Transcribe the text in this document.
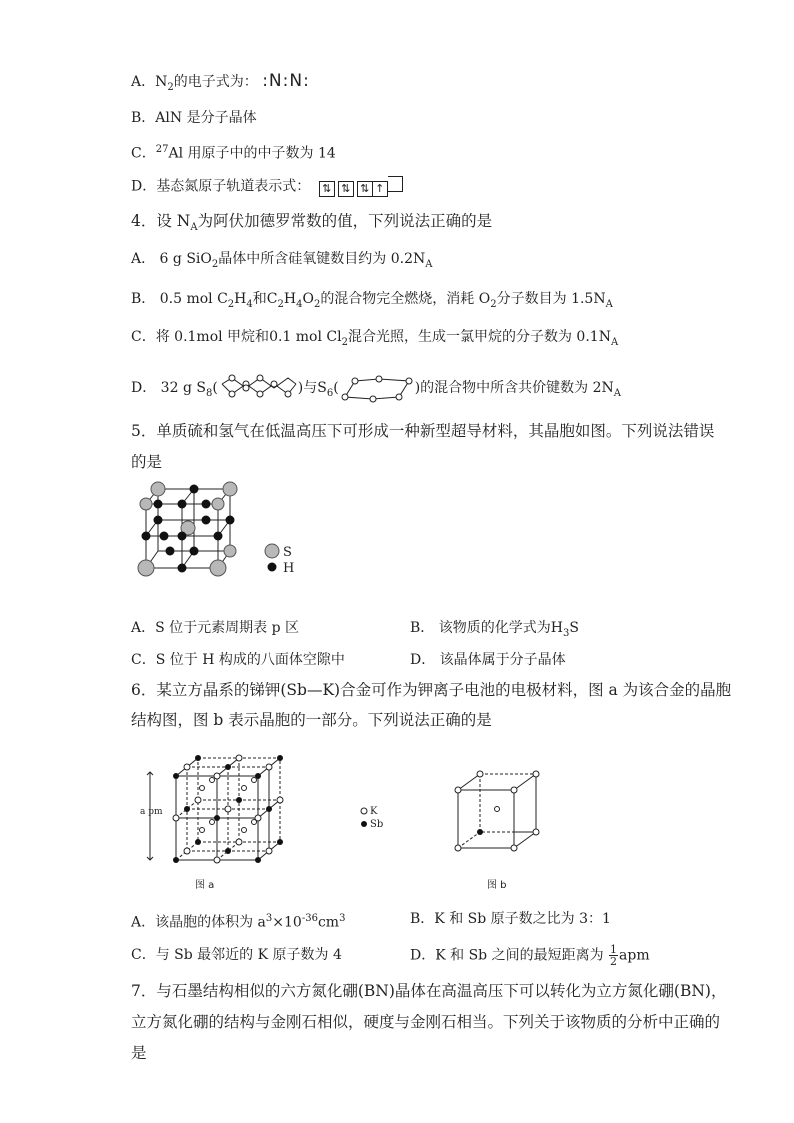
A．$N_2$的电子式为： :N:N:
B．AlN 是分子晶体
C．$^{27}$Al 用原子中的中子数为 14
D．基态氮原子轨道表示式： ⇅ ⇅ ⇅ ↑
4．设 $N_A$为阿伏加德罗常数的值，下列说法正确的是
A． 6 g SiO$_2$晶体中所含硅氧键数目约为 $0.2N_A$
B． 0.5 mol $C_2H_4$和$C_2H_4O_2$的混合物完全燃烧，消耗 $O_2$分子数目为 $1.5N_A$
C．将 0.1mol 甲烷和0.1 mol $Cl_2$混合光照，生成一氯甲烷的分子数为 $0.1N_A$
D． 32 g $S_8$(	)与$S_6$(	)的混合物中所含共价键数为 $2N_A$
5．单质硫和氢气在低温高压下可形成一种新型超导材料，其晶胞如图。下列说法错误
的是
S
H
A．S 位于元素周期表 p 区	B． 该物质的化学式为$H_3S$
C．S 位于 H 构成的八面体空隙中	D． 该晶体属于分子晶体
6．某立方晶系的锑钾(Sb—K)合金可作为钾离子电池的电极材料，图 a 为该合金的晶胞
结构图，图 b 表示晶胞的一部分。下列说法正确的是
a pm
图 a
K
Sb
图 b
A．该晶胞的体积为 $a^3\times 10^{-36}cm^3$	B．K 和 Sb 原子数之比为 3：1
C．与 Sb 最邻近的 K 原子数为 4	D．K 和 Sb 之间的最短距离为 $\frac{1}{2}$ apm
7．与石墨结构相似的六方氮化硼(BN)晶体在高温高压下可以转化为立方氮化硼(BN)，
立方氮化硼的结构与金刚石相似，硬度与金刚石相当。下列关于该物质的分析中正确的
是
